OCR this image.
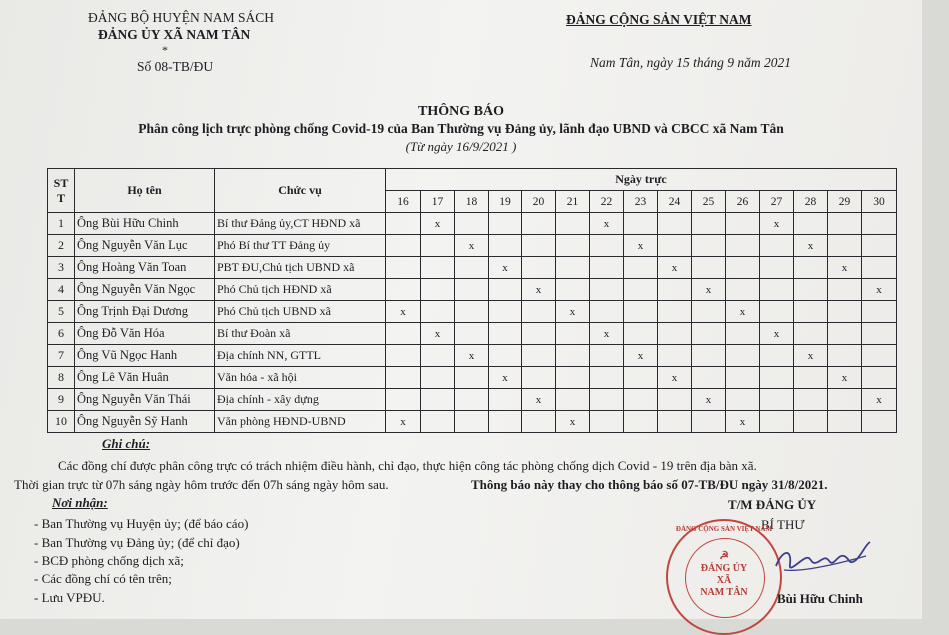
ĐẢNG BỘ HUYỆN NAM SÁCH
ĐẢNG ỦY XÃ NAM TÂN
*
Số 08-TB/ĐU
ĐẢNG CỘNG SẢN VIỆT NAM
Nam Tân, ngày 15 tháng 9 năm 2021
THÔNG BÁO
Phân công lịch trực phòng chống Covid-19 của Ban Thường vụ Đảng ủy, lãnh đạo UBND và CBCC xã Nam Tân
(Từ ngày 16/9/2021 )
ST
T	Họ tên	Chức vụ	Ngày trực														
			16	17	18	19	20	21	22	23	24	25	26	27	28	29	30
1	Ông Bùi Hữu Chinh	Bí thư Đảng ủy,CT HĐND xã		x					x					x			
2	Ông Nguyễn Văn Lục	Phó Bí thư TT Đảng ủy			x					x					x		
3	Ông Hoàng Văn Toan	PBT ĐU,Chủ tịch UBND xã				x					x					x	
4	Ông Nguyễn Văn Ngọc	Phó Chủ tịch HĐND xã					x					x					x
5	Ông Trịnh Đại Dương	Phó Chủ tịch UBND xã	x					x					x				
6	Ông Đỗ Văn Hóa	Bí thư Đoàn xã		x					x					x			
7	Ông Vũ Ngọc Hanh	Địa chính NN, GTTL			x					x					x		
8	Ông Lê Văn Huân	Văn hóa - xã hội				x					x					x	
9	Ông Nguyễn Văn Thái	Địa chính - xây dựng					x					x					x
10	Ông Nguyễn Sỹ Hanh	Văn phòng HĐND-UBND	x					x					x				
Ghi chú:
Các đồng chí được phân công trực có trách nhiệm điều hành, chỉ đạo, thực hiện công tác phòng chống dịch Covid - 19 trên địa bàn xã.
Thời gian trực từ 07h sáng ngày hôm trước đến 07h sáng ngày hôm sau.	Thông báo này thay cho thông báo số 07-TB/ĐU ngày 31/8/2021.
Nơi nhận:
- Ban Thường vụ Huyện ủy; (để báo cáo)
- Ban Thường vụ Đảng ủy; (để chỉ đạo)
- BCĐ phòng chống dịch xã;
- Các đồng chí có tên trên;
- Lưu VPĐU.
T/M ĐẢNG ỦY
BÍ THƯ
ĐẢNG CỘNG SẢN VIỆT NAM
☭
ĐẢNG ỦY
XÃ
NAM TÂN	Bùi Hữu Chinh
